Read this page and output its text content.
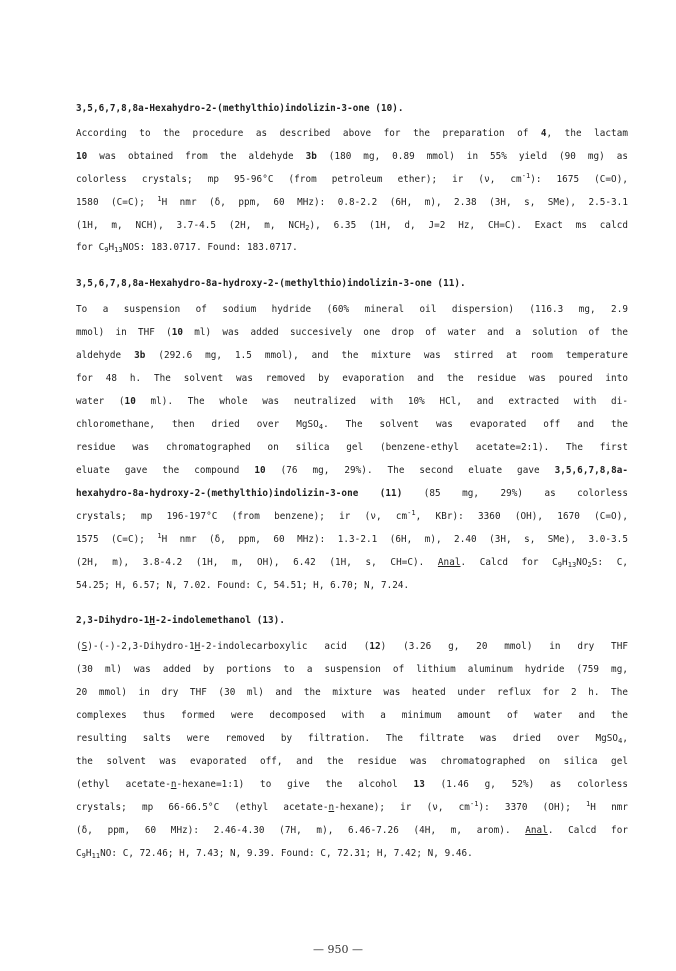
3,5,6,7,8,8a-Hexahydro-2-(methylthio)indolizin-3-one (10).
According to the procedure as described above for the preparation of 4, the lactam
10 was obtained from the aldehyde 3b (180 mg, 0.89 mmol) in 55% yield (90 mg) as
colorless crystals; mp 95-96°C (from petroleum ether); ir (ν, $cm^{-1}$): 1675 (C=O),
1580 (C=C); $^1$H nmr (δ, ppm, 60 MHz): 0.8-2.2 (6H, m), 2.38 (3H, s, SMe), 2.5-3.1
(1H, m, NCH), 3.7-4.5 (2H, m, $NCH_2$), 6.35 (1H, d, J=2 Hz, CH=C). Exact ms calcd
for $C_9H_{13}NOS$: 183.0717. Found: 183.0717.
3,5,6,7,8,8a-Hexahydro-8a-hydroxy-2-(methylthio)indolizin-3-one (11).
To a suspension of sodium hydride (60% mineral oil dispersion) (116.3 mg, 2.9
mmol) in THF (10 ml) was added succesively one drop of water and a solution of the
aldehyde 3b (292.6 mg, 1.5 mmol), and the mixture was stirred at room temperature
for 48 h. The solvent was removed by evaporation and the residue was poured into
water (10 ml). The whole was neutralized with 10% HCl, and extracted with di-
chloromethane, then dried over MgSO$_4$. The solvent was evaporated off and the
residue was chromatographed on silica gel (benzene-ethyl acetate=2:1). The first
eluate gave the compound 10 (76 mg, 29%). The second eluate gave 3,5,6,7,8,8a-
hexahydro-8a-hydroxy-2-(methylthio)indolizin-3-one (11) (85 mg, 29%) as colorless
crystals; mp 196-197°C (from benzene); ir (ν, $cm^{-1}$, KBr): 3360 (OH), 1670 (C=O),
1575 (C=C); $^1$H nmr (δ, ppm, 60 MHz): 1.3-2.1 (6H, m), 2.40 (3H, s, SMe), 3.0-3.5
(2H, m), 3.8-4.2 (1H, m, OH), 6.42 (1H, s, CH=C). Anal. Calcd for $C_9H_{13}NO_2S$: C,
54.25; H, 6.57; N, 7.02. Found: C, 54.51; H, 6.70; N, 7.24.
2,3-Dihydro-1H-2-indolemethanol (13).
(S)-(-)-2,3-Dihydro-1H-2-indolecarboxylic acid (12) (3.26 g, 20 mmol) in dry THF
(30 ml) was added by portions to a suspension of lithium aluminum hydride (759 mg,
20 mmol) in dry THF (30 ml) and the mixture was heated under reflux for 2 h. The
complexes thus formed were decomposed with a minimum amount of water and the
resulting salts were removed by filtration. The filtrate was dried over MgSO$_4$,
the solvent was evaporated off, and the residue was chromatographed on silica gel
(ethyl acetate-n-hexane=1:1) to give the alcohol 13 (1.46 g, 52%) as colorless
crystals; mp 66-66.5°C (ethyl acetate-n-hexane); ir (ν, $cm^{-1}$): 3370 (OH); $^1$H nmr
(δ, ppm, 60 MHz): 2.46-4.30 (7H, m), 6.46-7.26 (4H, m, arom). Anal. Calcd for
$C_9H_{11}NO$: C, 72.46; H, 7.43; N, 9.39. Found: C, 72.31; H, 7.42; N, 9.46.
— 950 —
